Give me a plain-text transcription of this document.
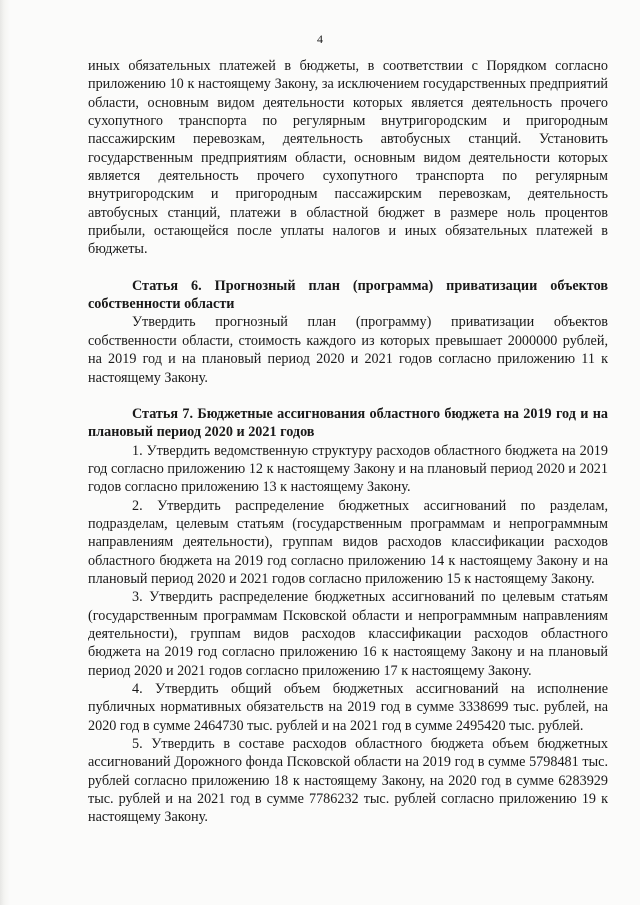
4

иных обязательных платежей в бюджеты, в соответствии с Порядком согласно приложению 10 к настоящему Закону, за исключением государственных предприятий области, основным видом деятельности которых является деятельность прочего сухопутного транспорта по регулярным внутригородским и пригородным пассажирским перевозкам, деятельность автобусных станций. Установить государственным предприятиям области, основным видом деятельности которых является деятельность прочего сухопутного транспорта по регулярным внутригородским и пригородным пассажирским перевозкам, деятельность автобусных станций, платежи в областной бюджет в размере ноль процентов прибыли, остающейся после уплаты налогов и иных обязательных платежей в бюджеты.

Статья 6. Прогнозный план (программа) приватизации объектов собственности области

Утвердить прогнозный план (программу) приватизации объектов собственности области, стоимость каждого из которых превышает 2000000 рублей, на 2019 год и на плановый период 2020 и 2021 годов согласно приложению 11 к настоящему Закону.

Статья 7. Бюджетные ассигнования областного бюджета на 2019 год и на плановый период 2020 и 2021 годов

1. Утвердить ведомственную структуру расходов областного бюджета на 2019 год согласно приложению 12 к настоящему Закону и на плановый период 2020 и 2021 годов согласно приложению 13 к настоящему Закону.

2. Утвердить распределение бюджетных ассигнований по разделам, подразделам, целевым статьям (государственным программам и непрограммным направлениям деятельности), группам видов расходов классификации расходов областного бюджета на 2019 год согласно приложению 14 к настоящему Закону и на плановый период 2020 и 2021 годов согласно приложению 15 к настоящему Закону.

3. Утвердить распределение бюджетных ассигнований по целевым статьям (государственным программам Псковской области и непрограммным направлениям деятельности), группам видов расходов классификации расходов областного бюджета на 2019 год согласно приложению 16 к настоящему Закону и на плановый период 2020 и 2021 годов согласно приложению 17 к настоящему Закону.

4. Утвердить общий объем бюджетных ассигнований на исполнение публичных нормативных обязательств на 2019 год в сумме 3338699 тыс. рублей, на 2020 год в сумме 2464730 тыс. рублей и на 2021 год в сумме 2495420 тыс. рублей.

5. Утвердить в составе расходов областного бюджета объем бюджетных ассигнований Дорожного фонда Псковской области на 2019 год в сумме 5798481 тыс. рублей согласно приложению 18 к настоящему Закону, на 2020 год в сумме 6283929 тыс. рублей и на 2021 год в сумме 7786232 тыс. рублей согласно приложению 19 к настоящему Закону.
